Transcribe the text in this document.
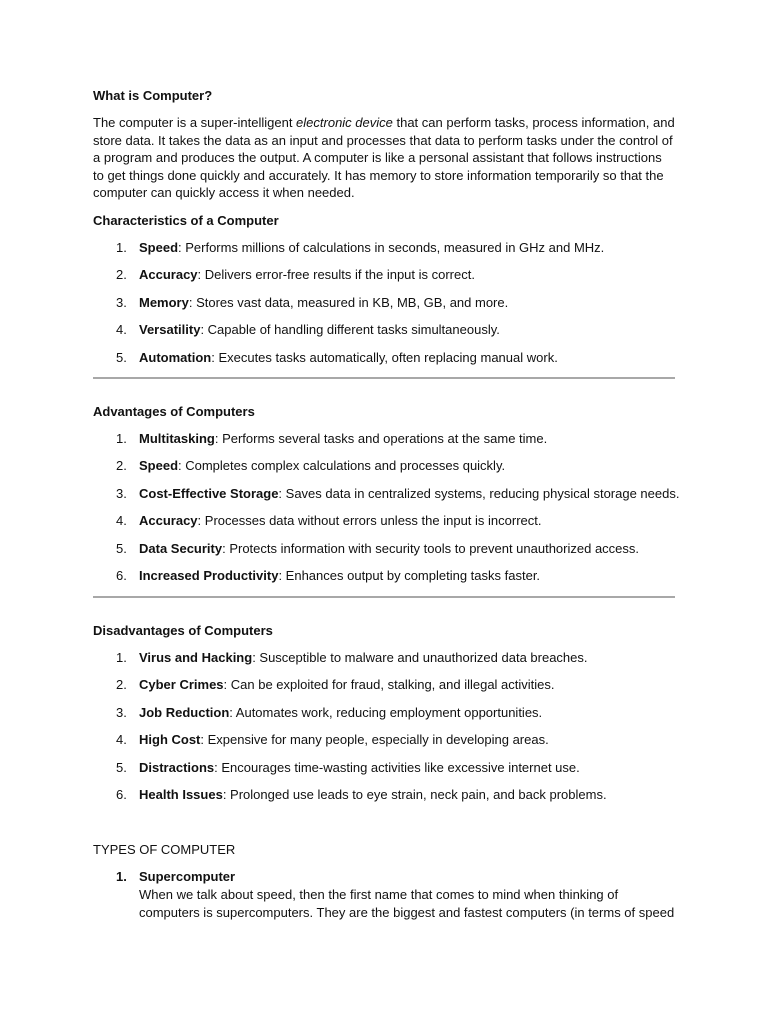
What is Computer?
The computer is a super-intelligent electronic device that can perform tasks, process information, and store data. It takes the data as an input and processes that data to perform tasks under the control of a program and produces the output. A computer is like a personal assistant that follows instructions to get things done quickly and accurately. It has memory to store information temporarily so that the computer can quickly access it when needed.
Characteristics of a Computer
1. Speed: Performs millions of calculations in seconds, measured in GHz and MHz.
2. Accuracy: Delivers error-free results if the input is correct.
3. Memory: Stores vast data, measured in KB, MB, GB, and more.
4. Versatility: Capable of handling different tasks simultaneously.
5. Automation: Executes tasks automatically, often replacing manual work.
Advantages of Computers
1. Multitasking: Performs several tasks and operations at the same time.
2. Speed: Completes complex calculations and processes quickly.
3. Cost-Effective Storage: Saves data in centralized systems, reducing physical storage needs.
4. Accuracy: Processes data without errors unless the input is incorrect.
5. Data Security: Protects information with security tools to prevent unauthorized access.
6. Increased Productivity: Enhances output by completing tasks faster.
Disadvantages of Computers
1. Virus and Hacking: Susceptible to malware and unauthorized data breaches.
2. Cyber Crimes: Can be exploited for fraud, stalking, and illegal activities.
3. Job Reduction: Automates work, reducing employment opportunities.
4. High Cost: Expensive for many people, especially in developing areas.
5. Distractions: Encourages time-wasting activities like excessive internet use.
6. Health Issues: Prolonged use leads to eye strain, neck pain, and back problems.
TYPES OF COMPUTER
1. Supercomputer
When we talk about speed, then the first name that comes to mind when thinking of computers is supercomputers. They are the biggest and fastest computers (in terms of speed
